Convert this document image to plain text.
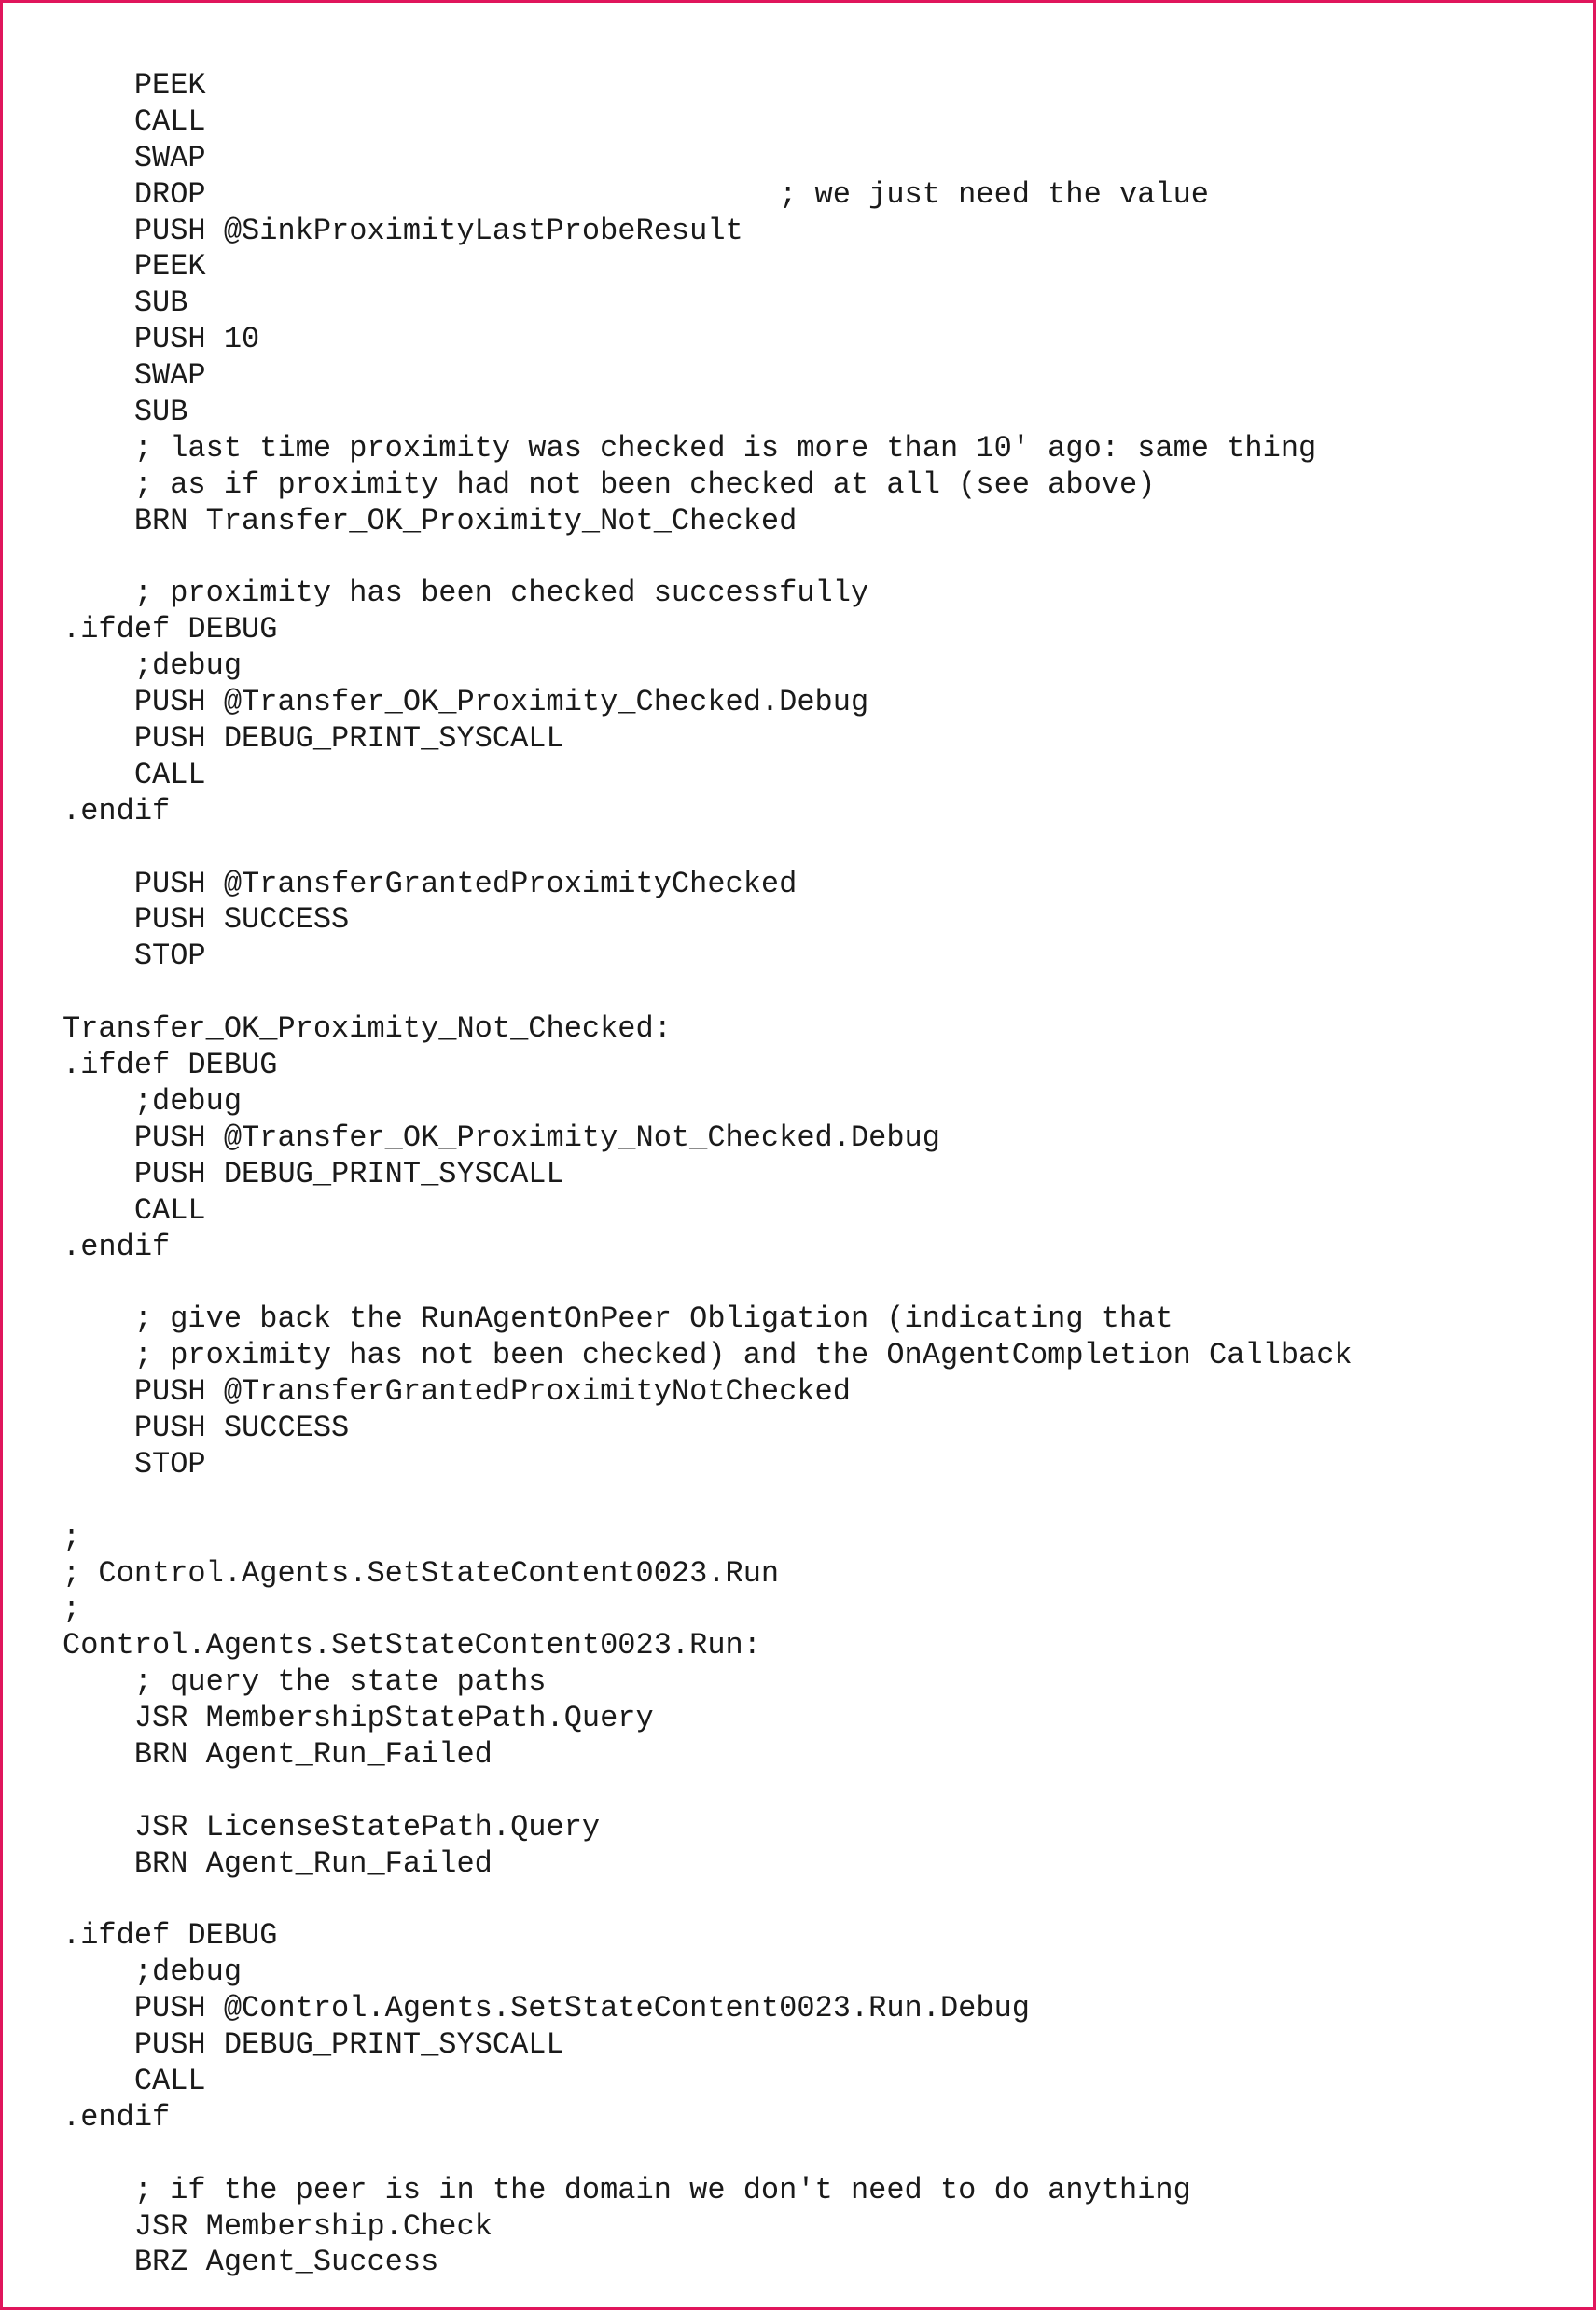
PEEK
CALL
SWAP
DROP                                ; we just need the value
PUSH @SinkProximityLastProbeResult
PEEK
SUB
PUSH 10
SWAP
SUB
; last time proximity was checked is more than 10' ago: same thing
; as if proximity had not been checked at all (see above)
BRN Transfer_OK_Proximity_Not_Checked
; proximity has been checked successfully
.ifdef DEBUG
;debug
PUSH @Transfer_OK_Proximity_Checked.Debug
PUSH DEBUG_PRINT_SYSCALL
CALL
.endif
PUSH @TransferGrantedProximityChecked
PUSH SUCCESS
STOP
Transfer_OK_Proximity_Not_Checked:
.ifdef DEBUG
;debug
PUSH @Transfer_OK_Proximity_Not_Checked.Debug
PUSH DEBUG_PRINT_SYSCALL
CALL
.endif
; give back the RunAgentOnPeer Obligation (indicating that
; proximity has not been checked) and the OnAgentCompletion Callback
PUSH @TransferGrantedProximityNotChecked
PUSH SUCCESS
STOP
;
; Control.Agents.SetStateContent0023.Run
;
Control.Agents.SetStateContent0023.Run:
; query the state paths
JSR MembershipStatePath.Query
BRN Agent_Run_Failed
JSR LicenseStatePath.Query
BRN Agent_Run_Failed
.ifdef DEBUG
;debug
PUSH @Control.Agents.SetStateContent0023.Run.Debug
PUSH DEBUG_PRINT_SYSCALL
CALL
.endif
; if the peer is in the domain we don't need to do anything
JSR Membership.Check
BRZ Agent_Success
